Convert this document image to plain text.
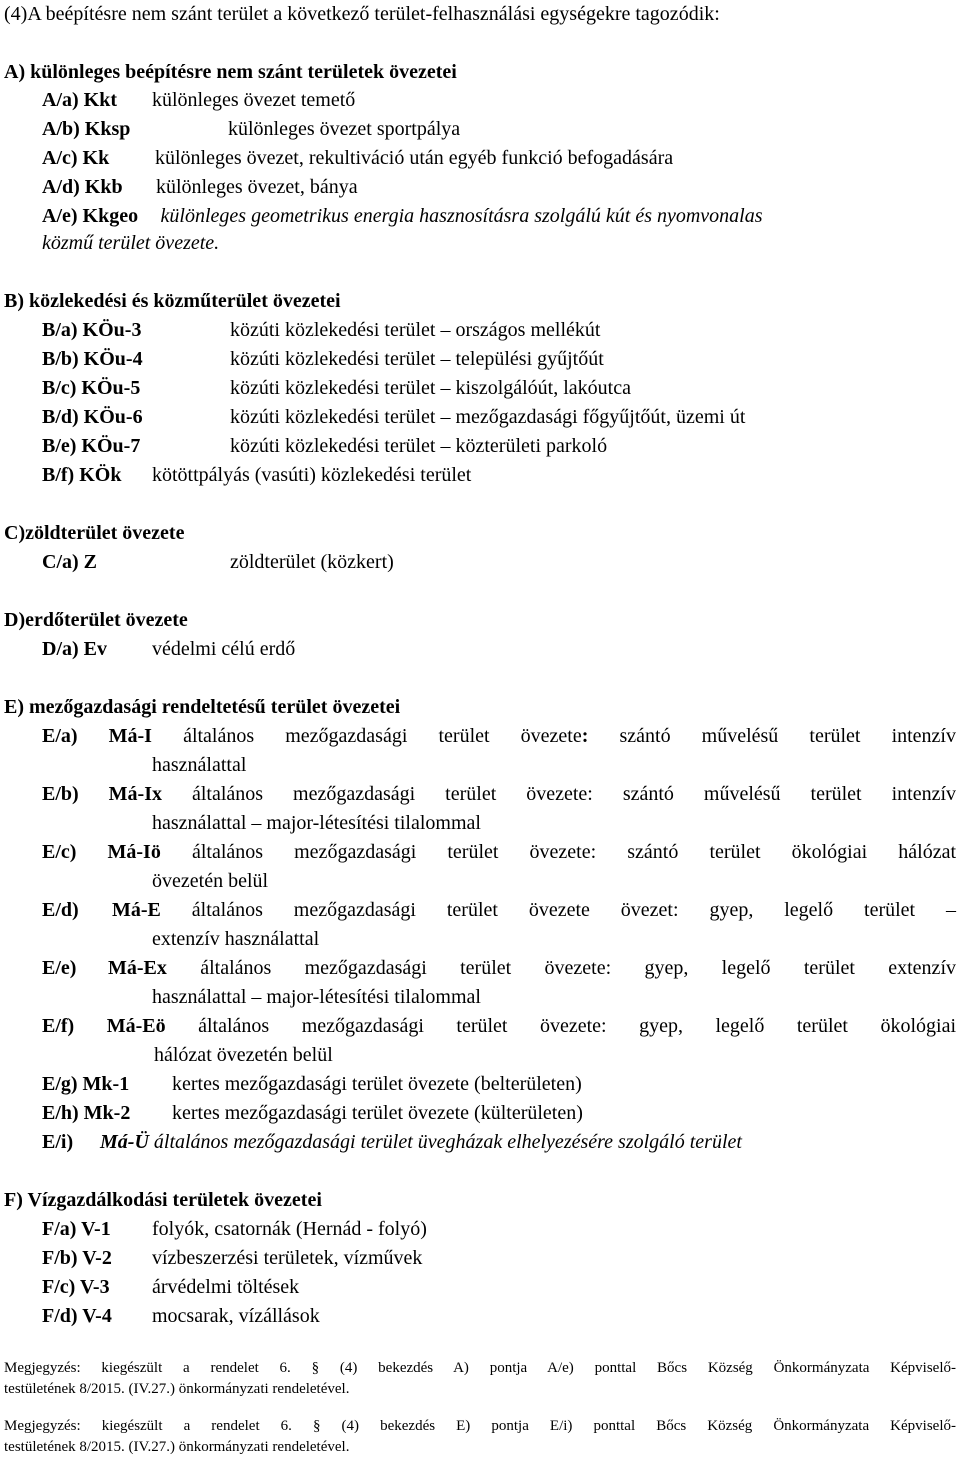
(4)A beépítésre nem szánt terület a következő terület-felhasználási egységekre tagozódik:
A) különleges beépítésre nem szánt területek övezetei
A/a) Kkt különleges övezet temető
A/b) Kksp	különleges övezet sportpálya
A/c) Kk különleges övezet, rekultiváció után egyéb funkció befogadására
A/d) Kkb különleges övezet, bánya
A/e) Kkgeo különleges geometrikus energia hasznosításra szolgálú kút és nyomvonalas
közmű terület övezete.
B) közlekedési és közműterület övezetei
B/a) KÖu-3	közúti közlekedési terület – országos mellékút
B/b) KÖu-4	közúti közlekedési terület – települési gyűjtőút
B/c) KÖu-5	közúti közlekedési terület – kiszolgálóút, lakóutca
B/d) KÖu-6	közúti közlekedési terület – mezőgazdasági főgyűjtőút, üzemi út
B/e) KÖu-7	közúti közlekedési terület – közterületi parkoló
B/f) KÖk kötöttpályás (vasúti) közlekedési terület
C)zöldterület övezete
C/a) Z	zöldterület (közkert)
D)erdőterület övezete
D/a) Ev védelmi célú erdő
E) mezőgazdasági rendeltetésű terület övezetei
E/a) Má-I általános mezőgazdasági terület övezete: szántó művelésű terület intenzív
használattal
E/b) Má-Ix általános mezőgazdasági terület övezete: szántó művelésű terület intenzív
használattal – major-létesítési tilalommal
E/c) Má-Iö általános mezőgazdasági terület övezete: szántó terület ökológiai hálózat
övezetén belül
E/d) Má-E általános mezőgazdasági terület övezete övezet: gyep, legelő terület –
extenzív használattal
E/e) Má-Ex általános mezőgazdasági terület övezete: gyep, legelő terület extenzív
használattal – major-létesítési tilalommal
E/f) Má-Eö általános mezőgazdasági terület övezete: gyep, legelő terület ökológiai
hálózat övezetén belül
E/g) Mk-1 kertes mezőgazdasági terület övezete (belterületen)
E/h) Mk-2 kertes mezőgazdasági terület övezete (külterületen)
E/i) Má-Ü általános mezőgazdasági terület üvegházak elhelyezésére szolgáló terület
F) Vízgazdálkodási területek övezetei
F/a) V-1 folyók, csatornák (Hernád - folyó)
F/b) V-2 vízbeszerzési területek, vízművek
F/c) V-3 árvédelmi töltések
F/d) V-4 mocsarak, vízállások
Megjegyzés: kiegészült a rendelet 6. § (4) bekezdés A) pontja A/e) ponttal Bőcs Község Önkormányzata Képviselő-
testületének 8/2015. (IV.27.) önkormányzati rendeletével.
Megjegyzés: kiegészült a rendelet 6. § (4) bekezdés E) pontja E/i) ponttal Bőcs Község Önkormányzata Képviselő-
testületének 8/2015. (IV.27.) önkormányzati rendeletével.
